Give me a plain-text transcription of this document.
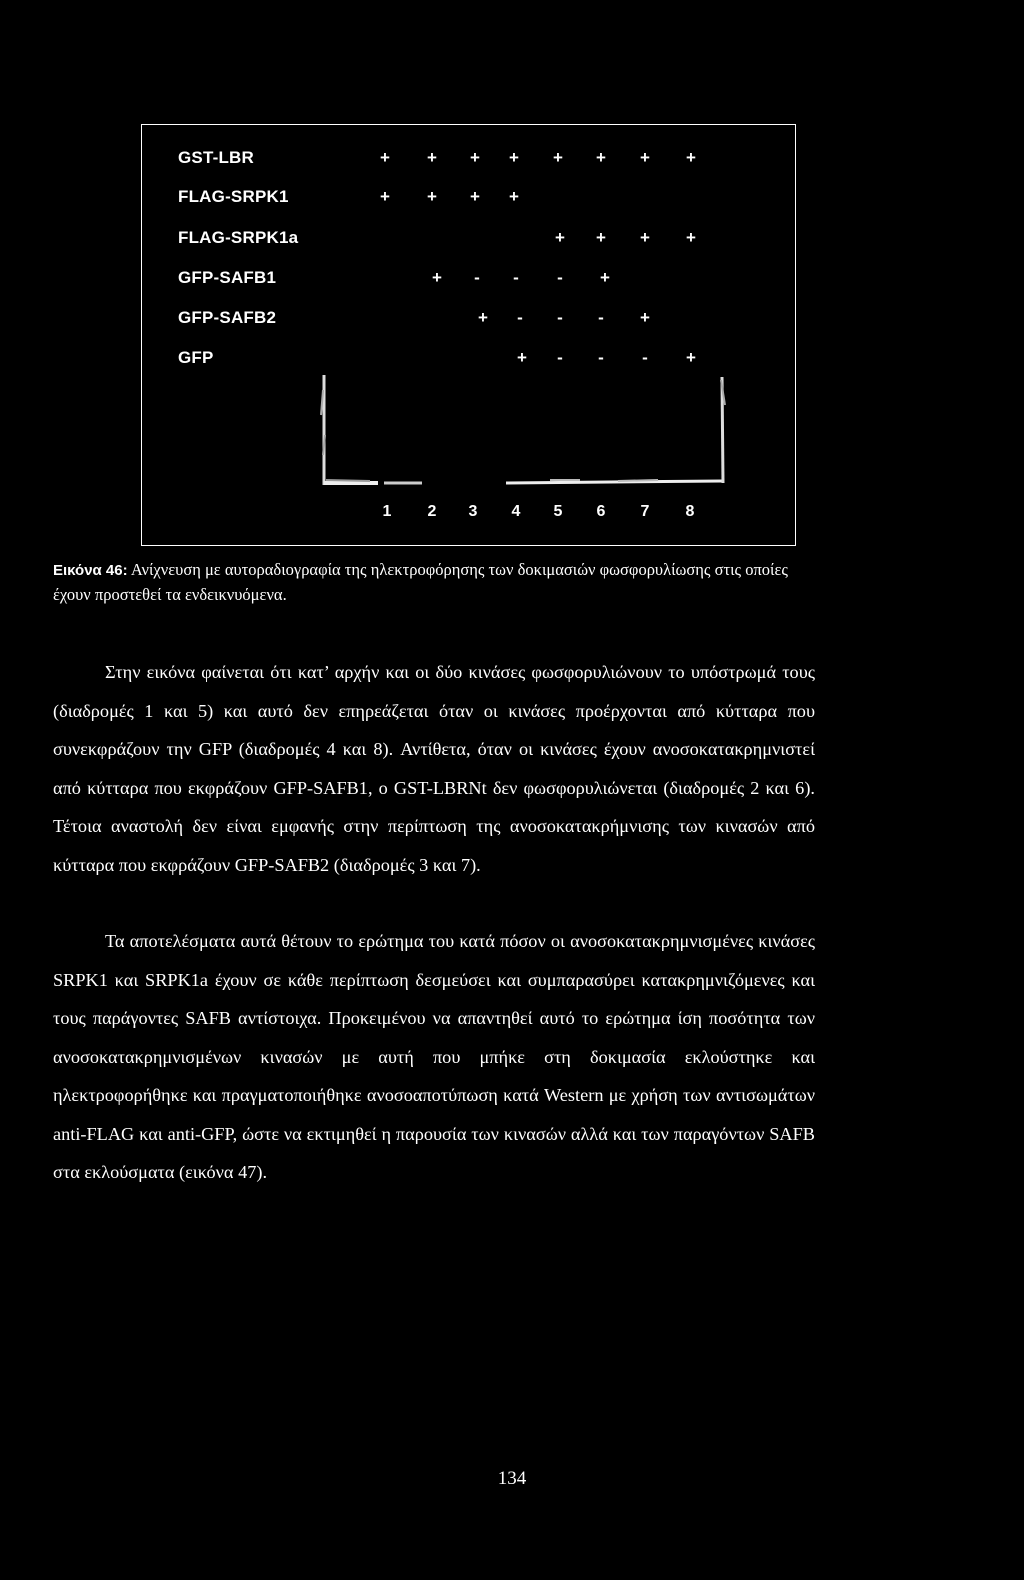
GST-LBR
FLAG-SRPK1
FLAG-SRPK1a
GFP-SAFB1
GFP-SAFB2
GFP
+ + + + + + + +
+ + + +
+ + + +
+ - - - +
+ - - - +
+ - - - +
1 2 3 4 5 6 7 8
Εικόνα 46: Ανίχνευση με αυτοραδιογραφία της ηλεκτροφόρησης των δοκιμασιών φωσφορυλίωσης στις οποίες έχουν προστεθεί τα ενδεικνυόμενα.
Στην εικόνα φαίνεται ότι κατ’ αρχήν και οι δύο κινάσες φωσφορυλιώνουν το υπόστρωμά τους (διαδρομές 1 και 5) και αυτό δεν επηρεάζεται όταν οι κινάσες προέρχονται από κύτταρα που συνεκφράζουν την GFP (διαδρομές 4 και 8). Αντίθετα, όταν οι κινάσες έχουν ανοσοκατακρημνιστεί από κύτταρα που εκφράζουν GFP-SAFB1, ο GST-LBRNt δεν φωσφορυλιώνεται (διαδρομές 2 και 6). Τέτοια αναστολή δεν είναι εμφανής στην περίπτωση της ανοσοκατακρήμνισης των κινασών από κύτταρα που εκφράζουν GFP-SAFB2 (διαδρομές 3 και 7).
Τα αποτελέσματα αυτά θέτουν το ερώτημα του κατά πόσον οι ανοσοκατακρημνισμένες κινάσες SRPK1 και SRPK1a έχουν σε κάθε περίπτωση δεσμεύσει και συμπαρασύρει κατακρημνιζόμενες και τους παράγοντες SAFB αντίστοιχα. Προκειμένου να απαντηθεί αυτό το ερώτημα ίση ποσότητα των ανοσοκατακρημνισμένων κινασών με αυτή που μπήκε στη δοκιμασία εκλούστηκε και ηλεκτροφορήθηκε και πραγματοποιήθηκε ανοσοαποτύπωση κατά Western με χρήση των αντισωμάτων anti-FLAG και anti-GFP, ώστε να εκτιμηθεί η παρουσία των κινασών αλλά και των παραγόντων SAFB στα εκλούσματα (εικόνα 47).
134
